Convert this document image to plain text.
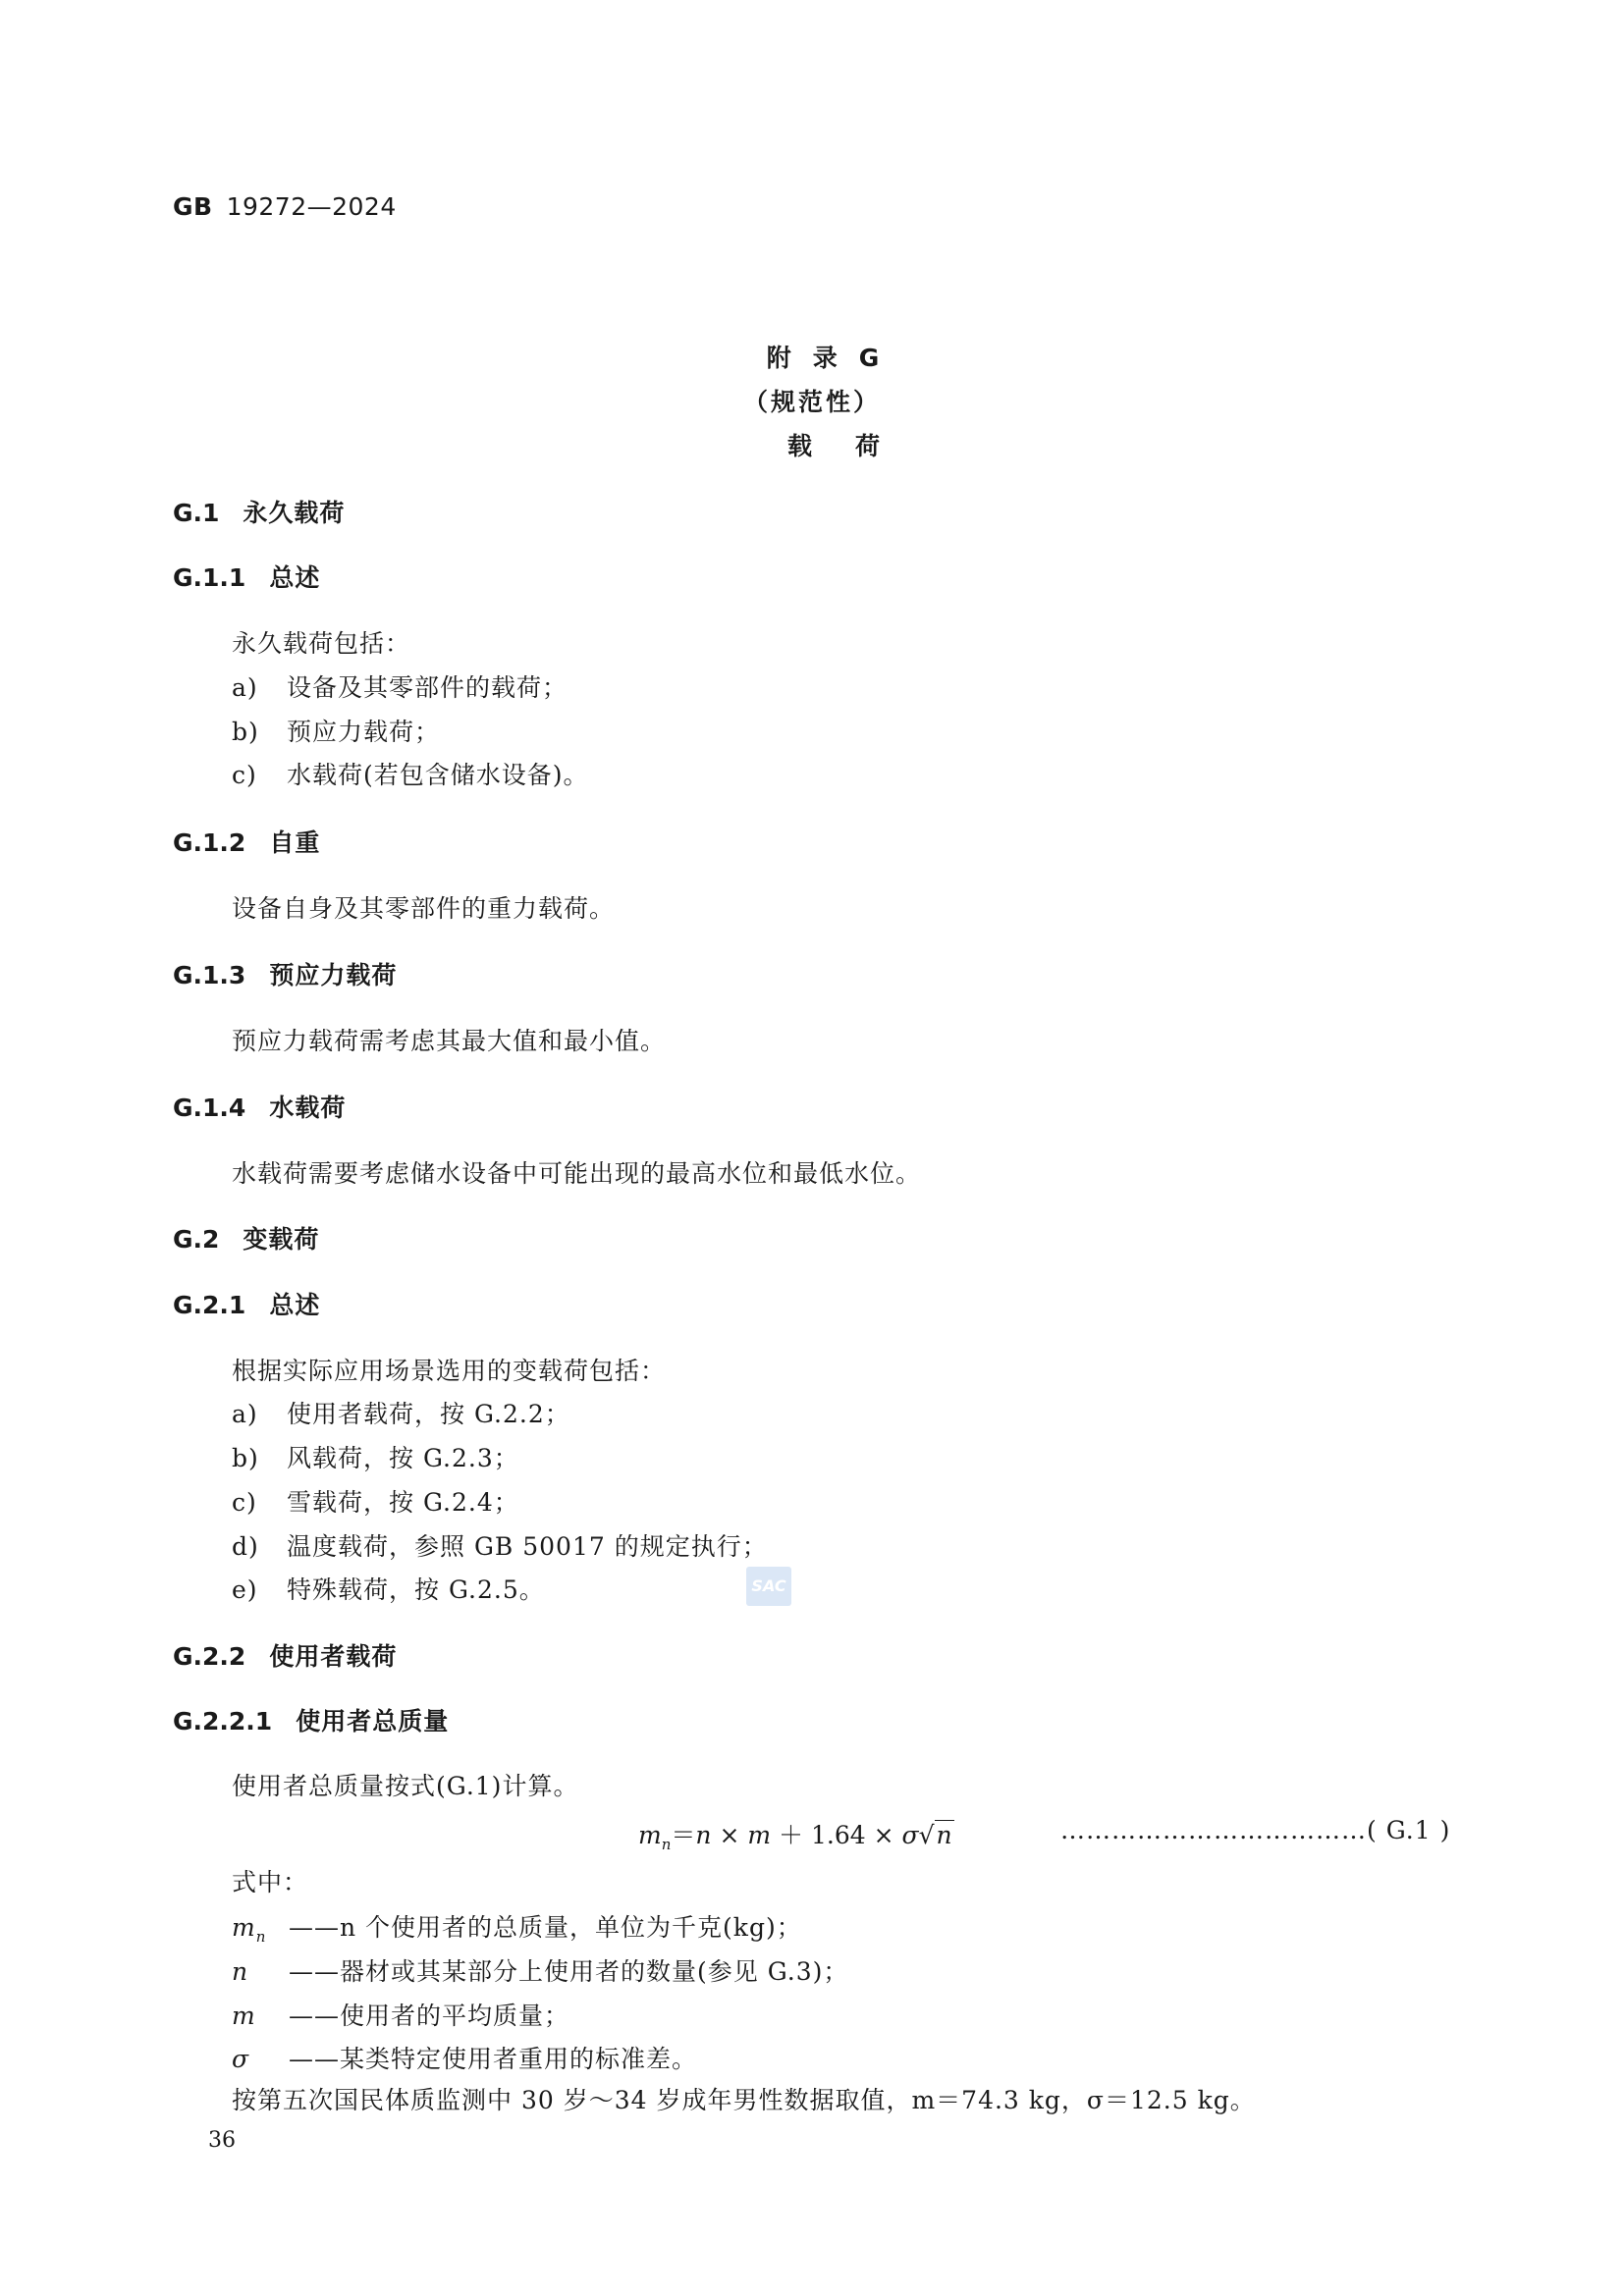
GB 19272—2024
附录G
（规范性）
载荷
G.1 永久载荷
G.1.1 总述
永久载荷包括：
a) 设备及其零部件的载荷；
b) 预应力载荷；
c) 水载荷(若包含储水设备)。
G.1.2 自重
设备自身及其零部件的重力载荷。
G.1.3 预应力载荷
预应力载荷需考虑其最大值和最小值。
G.1.4 水载荷
水载荷需要考虑储水设备中可能出现的最高水位和最低水位。
G.2 变载荷
G.2.1 总述
根据实际应用场景选用的变载荷包括：
a) 使用者载荷，按 G.2.2；
b) 风载荷，按 G.2.3；
c) 雪载荷，按 G.2.4；
d) 温度载荷，参照 GB 50017 的规定执行；
e) 特殊载荷，按 G.2.5。	SAC
G.2.2 使用者载荷
G.2.2.1 使用者总质量
使用者总质量按式(G.1)计算。
$m_n=n \times m + 1.64 \times \sigma√n$	………………………………( G.1 )
式中：
$m_n$ ——n 个使用者的总质量，单位为千克(kg)；
n ——器材或其某部分上使用者的数量(参见 G.3)；
m ——使用者的平均质量；
σ ——某类特定使用者重用的标准差。
按第五次国民体质监测中 30 岁～34 岁成年男性数据取值，m＝74.3 kg，σ＝12.5 kg。
36
